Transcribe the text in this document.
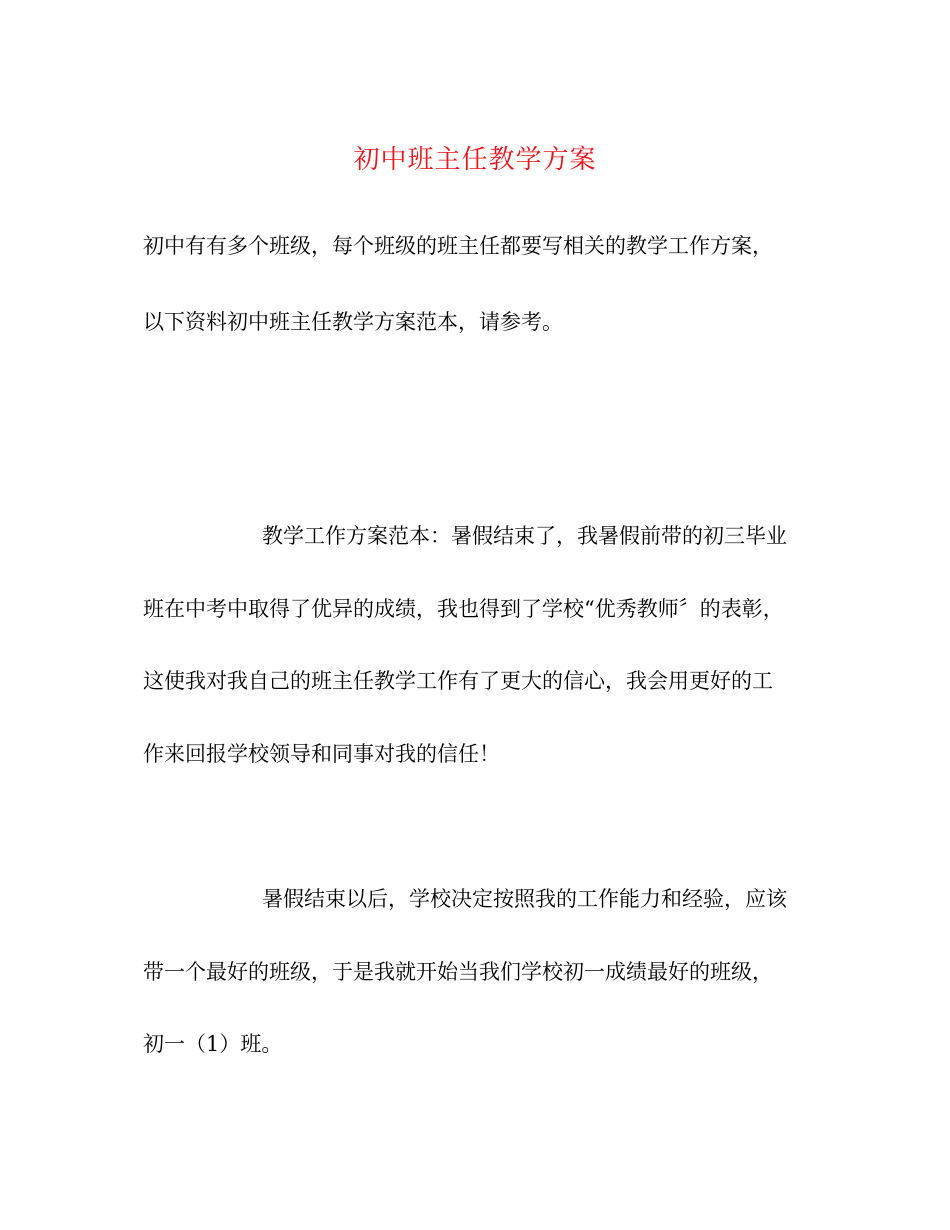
初中班主任教学方案
初中有有多个班级，每个班级的班主任都要写相关的教学工作方案，
以下资料初中班主任教学方案范本，请参考。
教学工作方案范本：暑假结束了，我暑假前带的初三毕业
班在中考中取得了优异的成绩，我也得到了学校“优秀教师〞的表彰，
这使我对我自己的班主任教学工作有了更大的信心，我会用更好的工
作来回报学校领导和同事对我的信任！
暑假结束以后，学校决定按照我的工作能力和经验，应该
带一个最好的班级，于是我就开始当我们学校初一成绩最好的班级，
初一（1）班。
